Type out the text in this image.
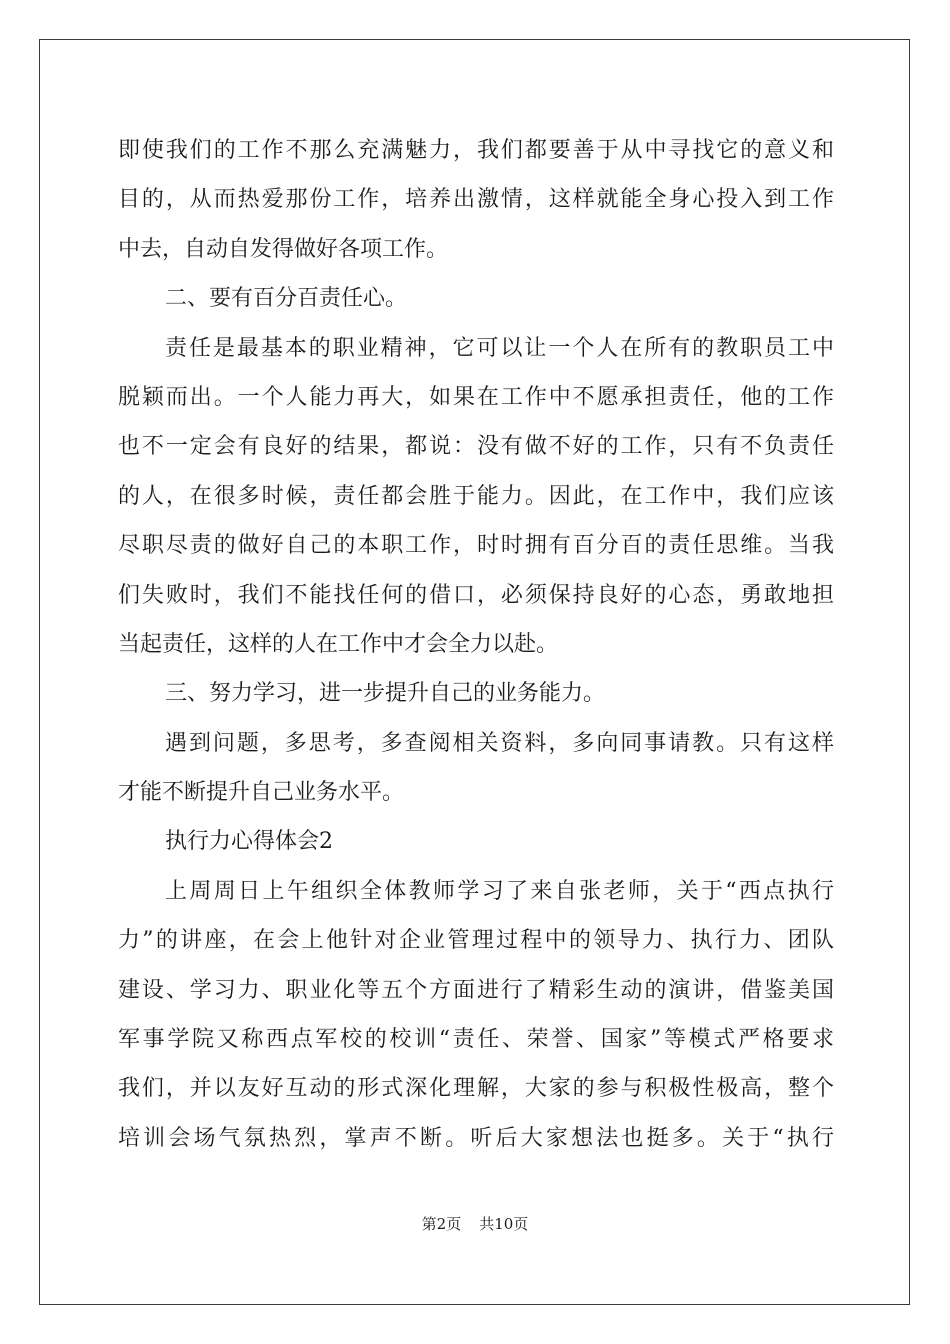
即使我们的工作不那么充满魅力，我们都要善于从中寻找它的意义和
目的，从而热爱那份工作，培养出激情，这样就能全身心投入到工作
中去，自动自发得做好各项工作。
二、要有百分百责任心。
责任是最基本的职业精神，它可以让一个人在所有的教职员工中
脱颖而出。一个人能力再大，如果在工作中不愿承担责任，他的工作
也不一定会有良好的结果，都说：没有做不好的工作，只有不负责任
的人，在很多时候，责任都会胜于能力。因此，在工作中，我们应该
尽职尽责的做好自己的本职工作，时时拥有百分百的责任思维。当我
们失败时，我们不能找任何的借口，必须保持良好的心态，勇敢地担
当起责任，这样的人在工作中才会全力以赴。
三、努力学习，进一步提升自己的业务能力。
遇到问题，多思考，多查阅相关资料，多向同事请教。只有这样
才能不断提升自己业务水平。
执行力心得体会2
上周周日上午组织全体教师学习了来自张老师，关于“西点执行
力”的讲座，在会上他针对企业管理过程中的领导力、执行力、团队
建设、学习力、职业化等五个方面进行了精彩生动的演讲，借鉴美国
军事学院又称西点军校的校训“责任、荣誉、国家”等模式严格要求
我们，并以友好互动的形式深化理解，大家的参与积极性极高，整个
培训会场气氛热烈，掌声不断。听后大家想法也挺多。关于“执行
第2页 共10页
